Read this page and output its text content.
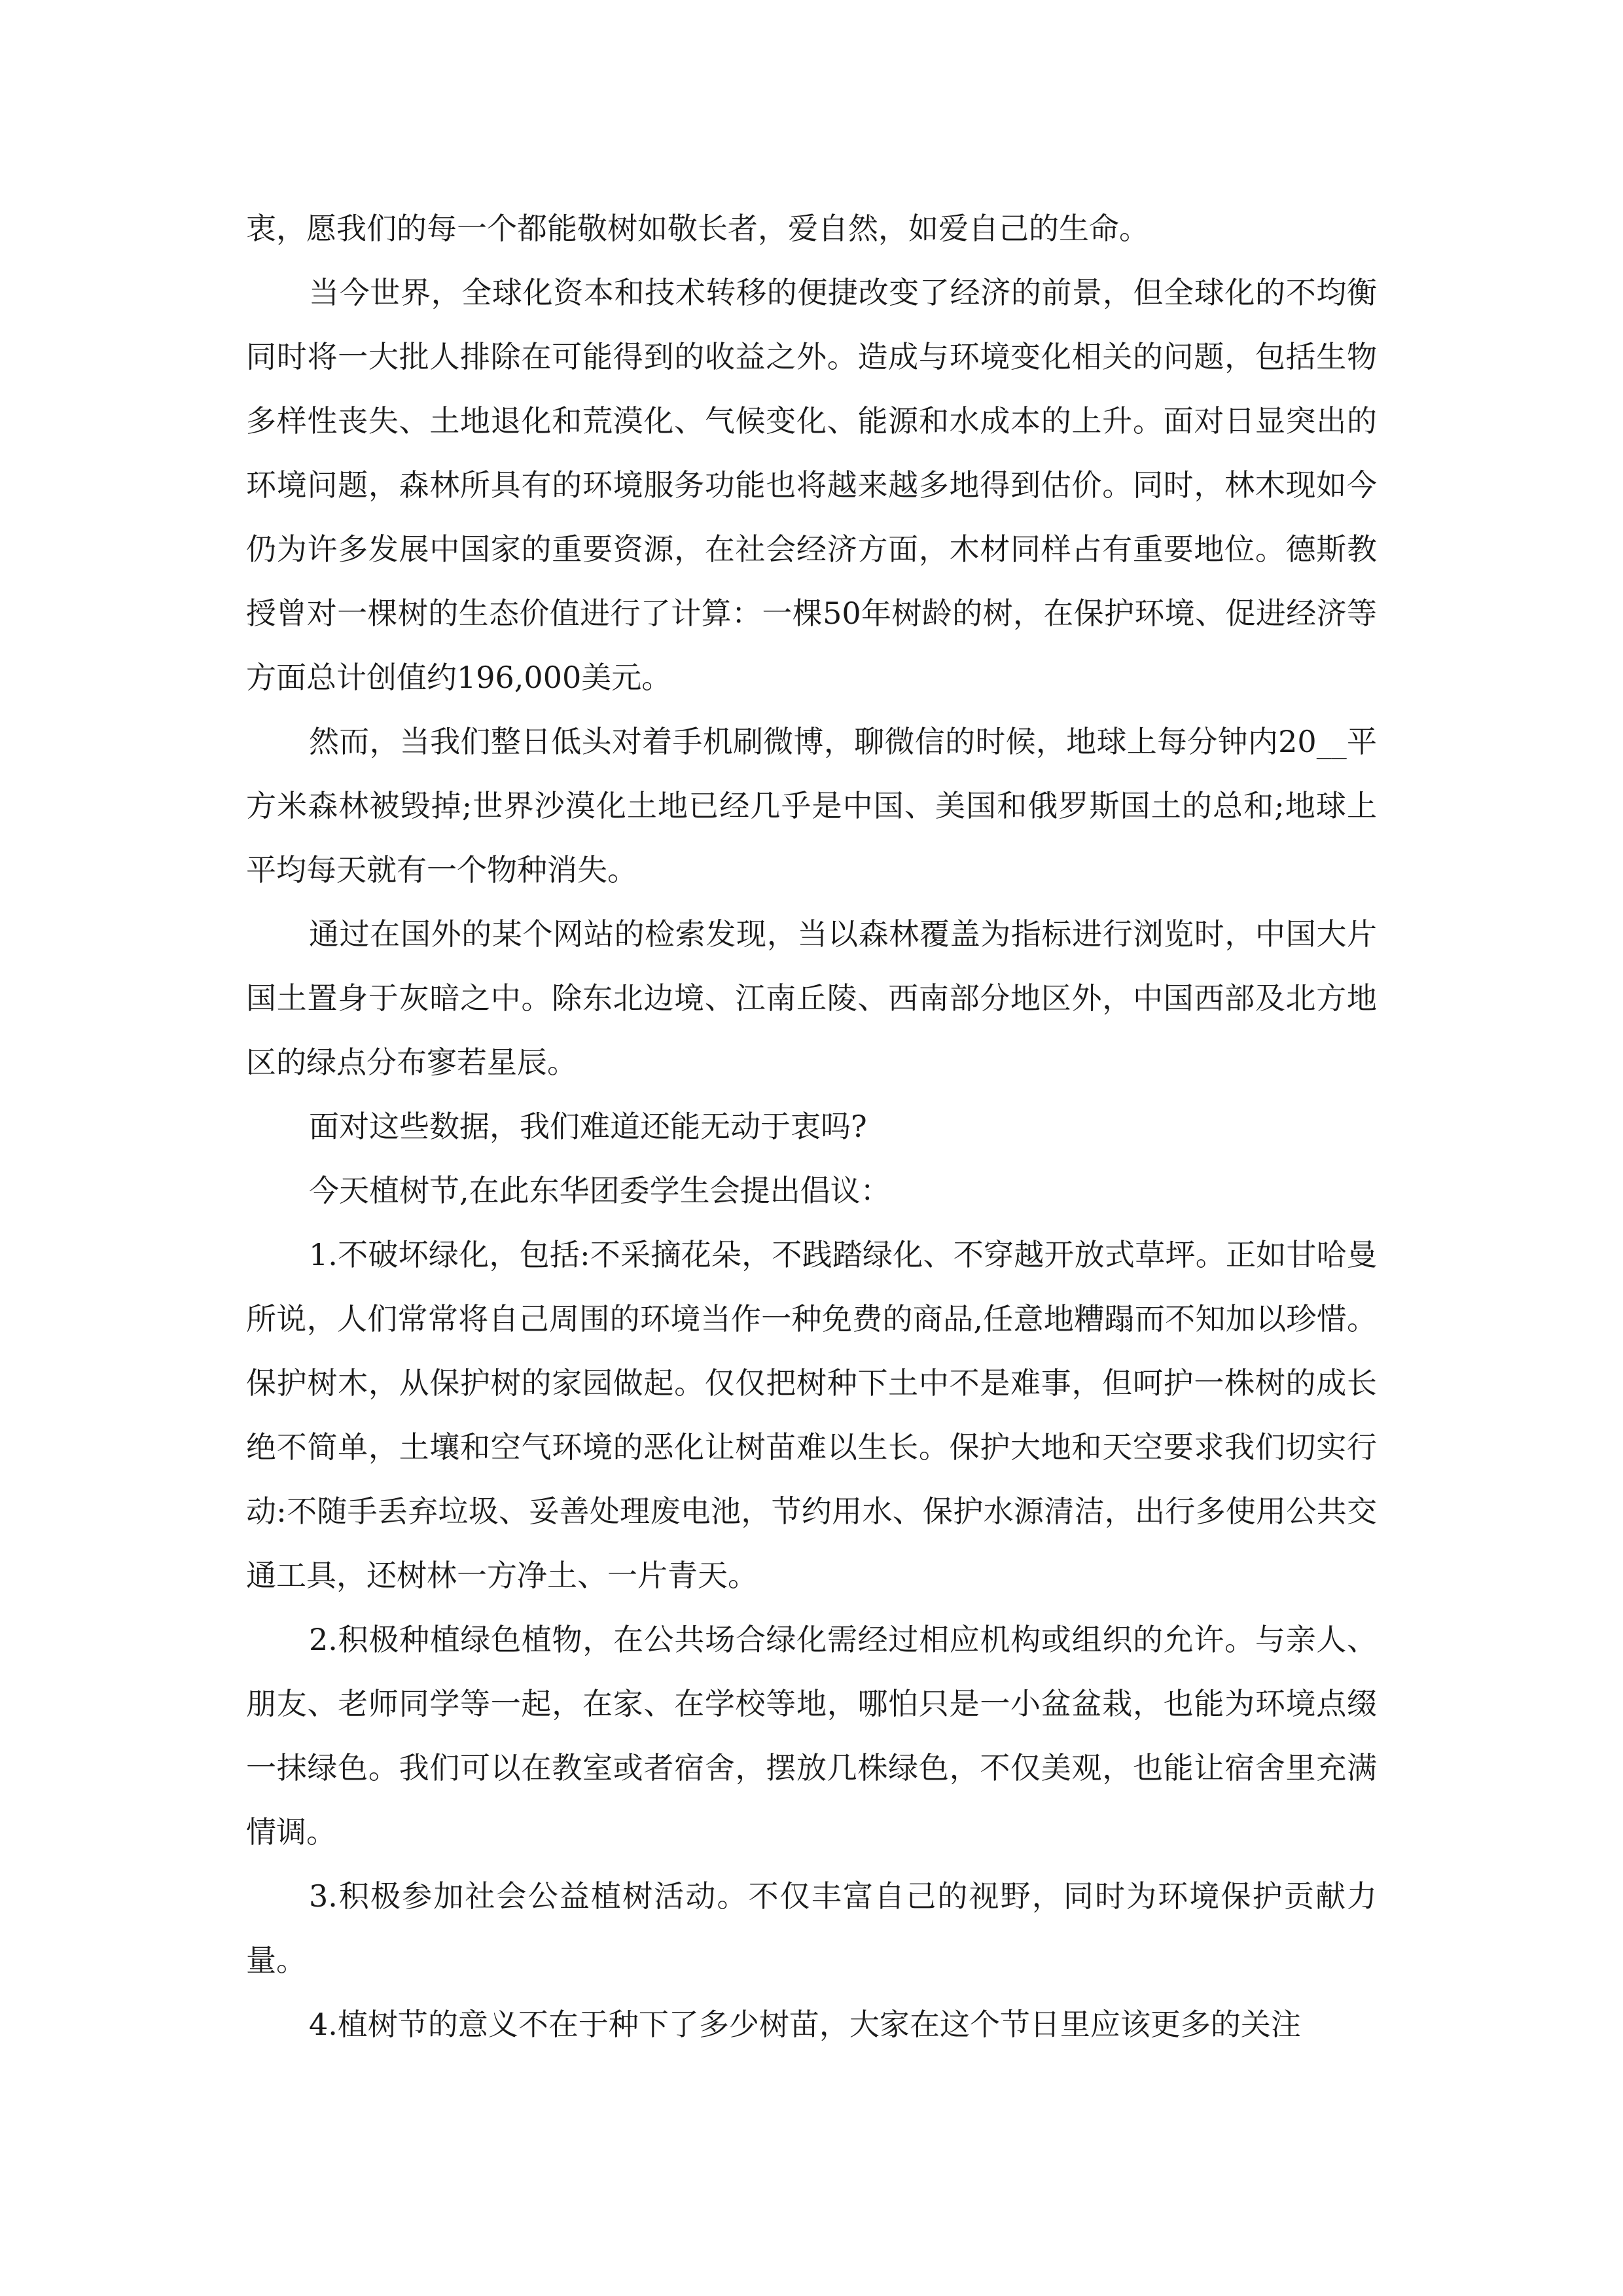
衷，愿我们的每一个都能敬树如敬长者，爱自然，如爱自己的生命。

当今世界，全球化资本和技术转移的便捷改变了经济的前景，但全球化的不均衡同时将一大批人排除在可能得到的收益之外。造成与环境变化相关的问题，包括生物多样性丧失、土地退化和荒漠化、气候变化、能源和水成本的上升。面对日显突出的环境问题，森林所具有的环境服务功能也将越来越多地得到估价。同时，林木现如今仍为许多发展中国家的重要资源，在社会经济方面，木材同样占有重要地位。德斯教授曾对一棵树的生态价值进行了计算：一棵50年树龄的树，在保护环境、促进经济等方面总计创值约196,000美元。

然而，当我们整日低头对着手机刷微博，聊微信的时候，地球上每分钟内20__平方米森林被毁掉;世界沙漠化土地已经几乎是中国、美国和俄罗斯国土的总和;地球上平均每天就有一个物种消失。

通过在国外的某个网站的检索发现，当以森林覆盖为指标进行浏览时，中国大片国土置身于灰暗之中。除东北边境、江南丘陵、西南部分地区外，中国西部及北方地区的绿点分布寥若星辰。

面对这些数据，我们难道还能无动于衷吗?

今天植树节,在此东华团委学生会提出倡议：

1.不破坏绿化，包括:不采摘花朵，不践踏绿化、不穿越开放式草坪。正如甘哈曼所说，人们常常将自己周围的环境当作一种免费的商品,任意地糟蹋而不知加以珍惜。保护树木，从保护树的家园做起。仅仅把树种下土中不是难事，但呵护一株树的成长绝不简单，土壤和空气环境的恶化让树苗难以生长。保护大地和天空要求我们切实行动:不随手丢弃垃圾、妥善处理废电池，节约用水、保护水源清洁，出行多使用公共交通工具，还树林一方净土、一片青天。

2.积极种植绿色植物，在公共场合绿化需经过相应机构或组织的允许。与亲人、朋友、老师同学等一起，在家、在学校等地，哪怕只是一小盆盆栽，也能为环境点缀一抹绿色。我们可以在教室或者宿舍，摆放几株绿色，不仅美观，也能让宿舍里充满情调。

3.积极参加社会公益植树活动。不仅丰富自己的视野，同时为环境保护贡献力量。

4.植树节的意义不在于种下了多少树苗，大家在这个节日里应该更多的关注
